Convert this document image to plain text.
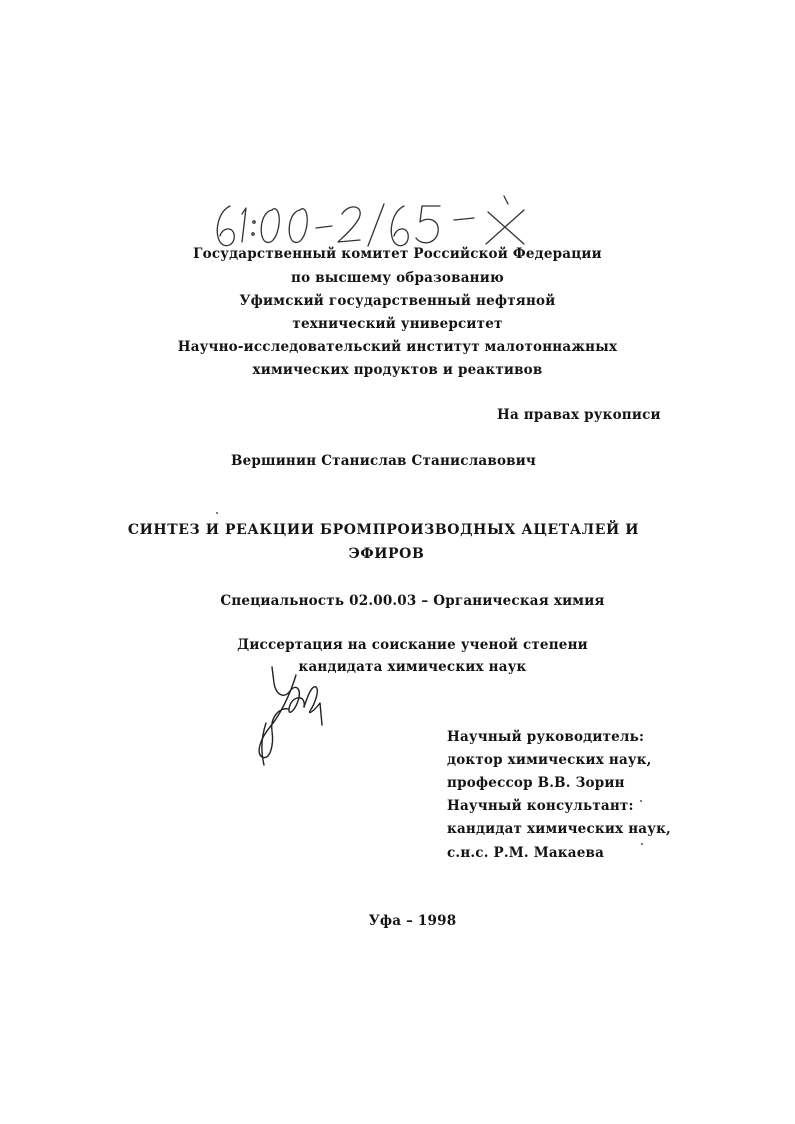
Государственный комитет Российской Федерации
по высшему образованию
Уфимский государственный нефтяной
технический университет
Научно-исследовательский институт малотоннажных
химических продуктов и реактивов
На правах рукописи
Вершинин Станислав Станиславович
СИНТЕЗ И РЕАКЦИИ БРОМПРОИЗВОДНЫХ АЦЕТАЛЕЙ И
ЭФИРОВ
Специальность 02.00.03 – Органическая химия
Диссертация на соискание ученой степени
кандидата химических наук
Научный руководитель:
доктор химических наук,
профессор В.В. Зорин
Научный консультант:
кандидат химических наук,
с.н.с. Р.М. Макаева
Уфа – 1998
